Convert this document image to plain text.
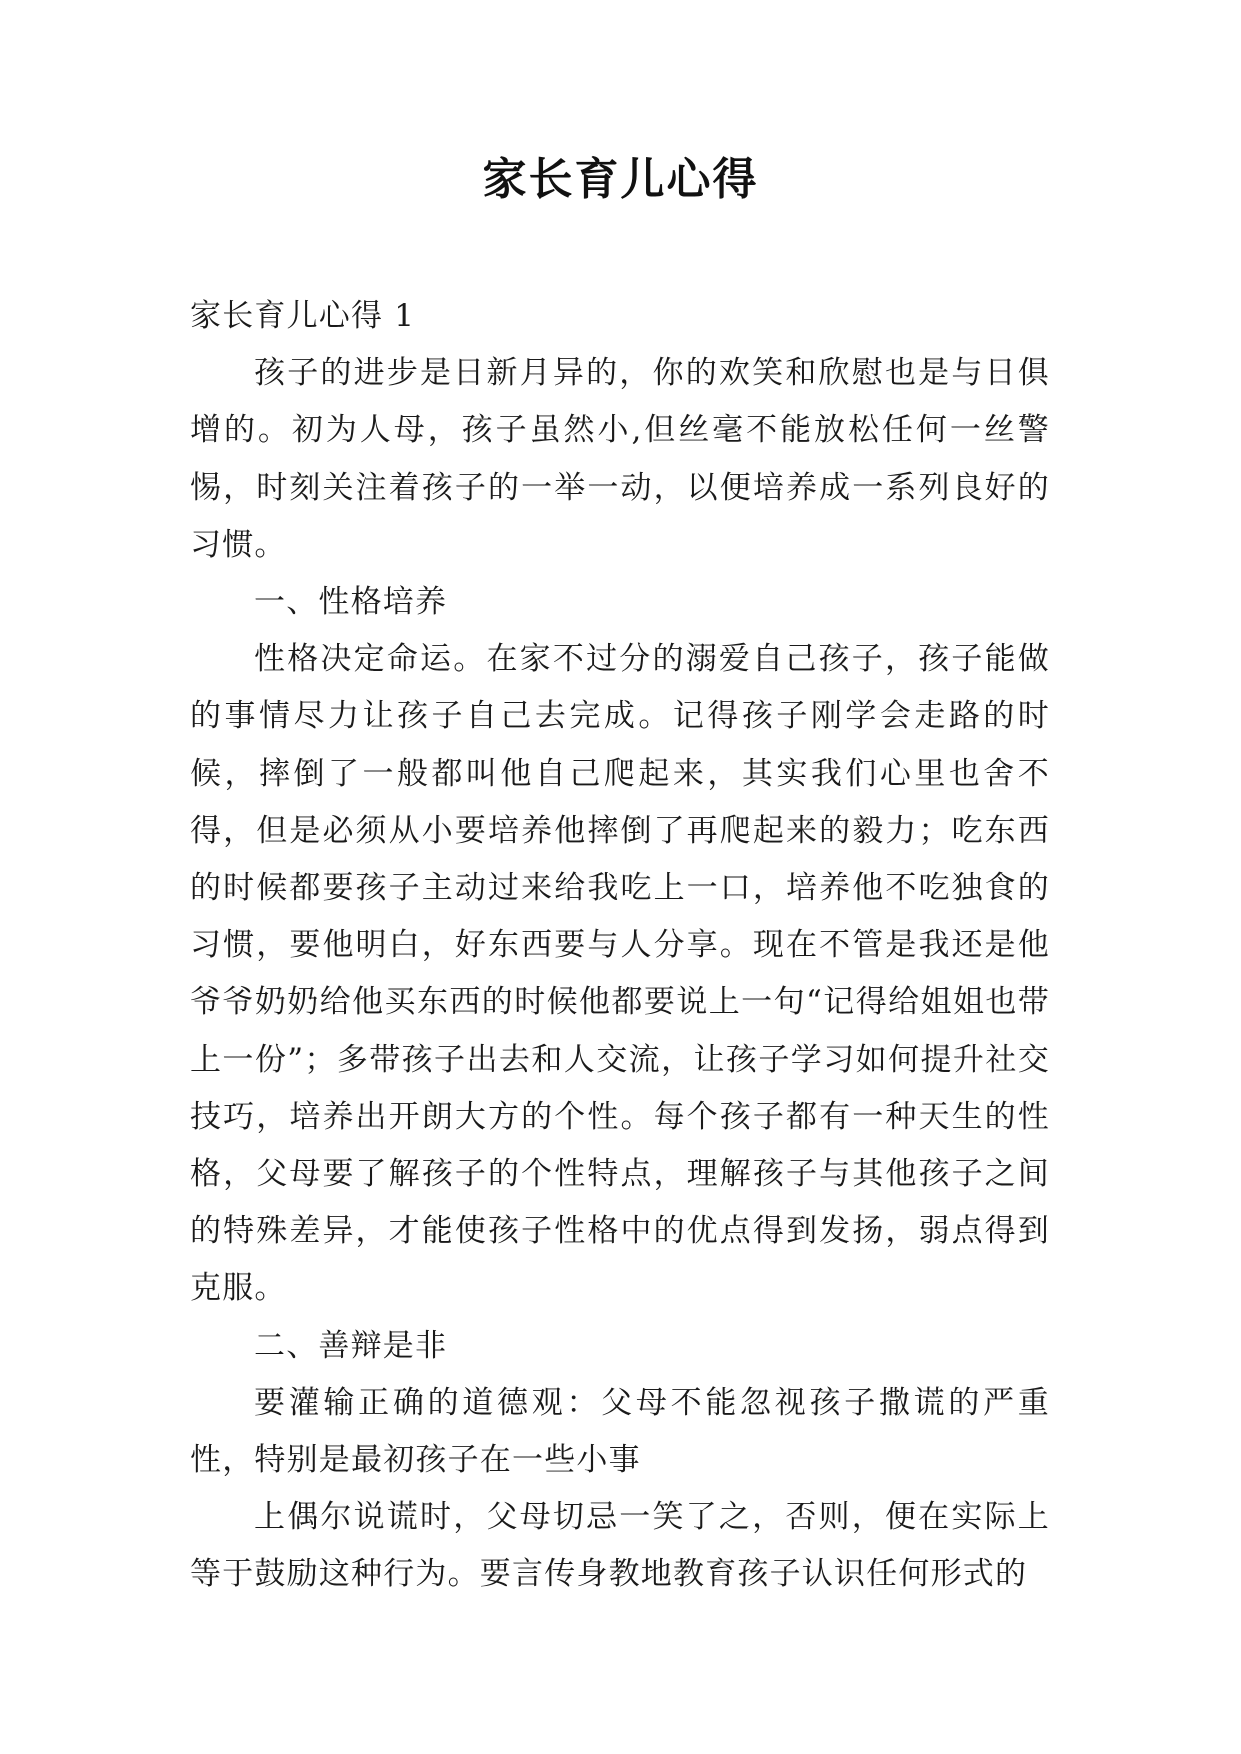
家长育儿心得

家长育儿心得 1

孩子的进步是日新月异的，你的欢笑和欣慰也是与日俱增的。初为人母，孩子虽然小,但丝毫不能放松任何一丝警惕，时刻关注着孩子的一举一动，以便培养成一系列良好的习惯。

一、性格培养

性格决定命运。在家不过分的溺爱自己孩子，孩子能做的事情尽力让孩子自己去完成。记得孩子刚学会走路的时候，摔倒了一般都叫他自己爬起来，其实我们心里也舍不得，但是必须从小要培养他摔倒了再爬起来的毅力；吃东西的时候都要孩子主动过来给我吃上一口，培养他不吃独食的习惯，要他明白，好东西要与人分享。现在不管是我还是他爷爷奶奶给他买东西的时候他都要说上一句“记得给姐姐也带上一份”；多带孩子出去和人交流，让孩子学习如何提升社交技巧，培养出开朗大方的个性。每个孩子都有一种天生的性格，父母要了解孩子的个性特点，理解孩子与其他孩子之间的特殊差异，才能使孩子性格中的优点得到发扬，弱点得到克服。

二、善辩是非

要灌输正确的道德观：父母不能忽视孩子撒谎的严重性，特别是最初孩子在一些小事

上偶尔说谎时，父母切忌一笑了之，否则，便在实际上等于鼓励这种行为。要言传身教地教育孩子认识任何形式的
